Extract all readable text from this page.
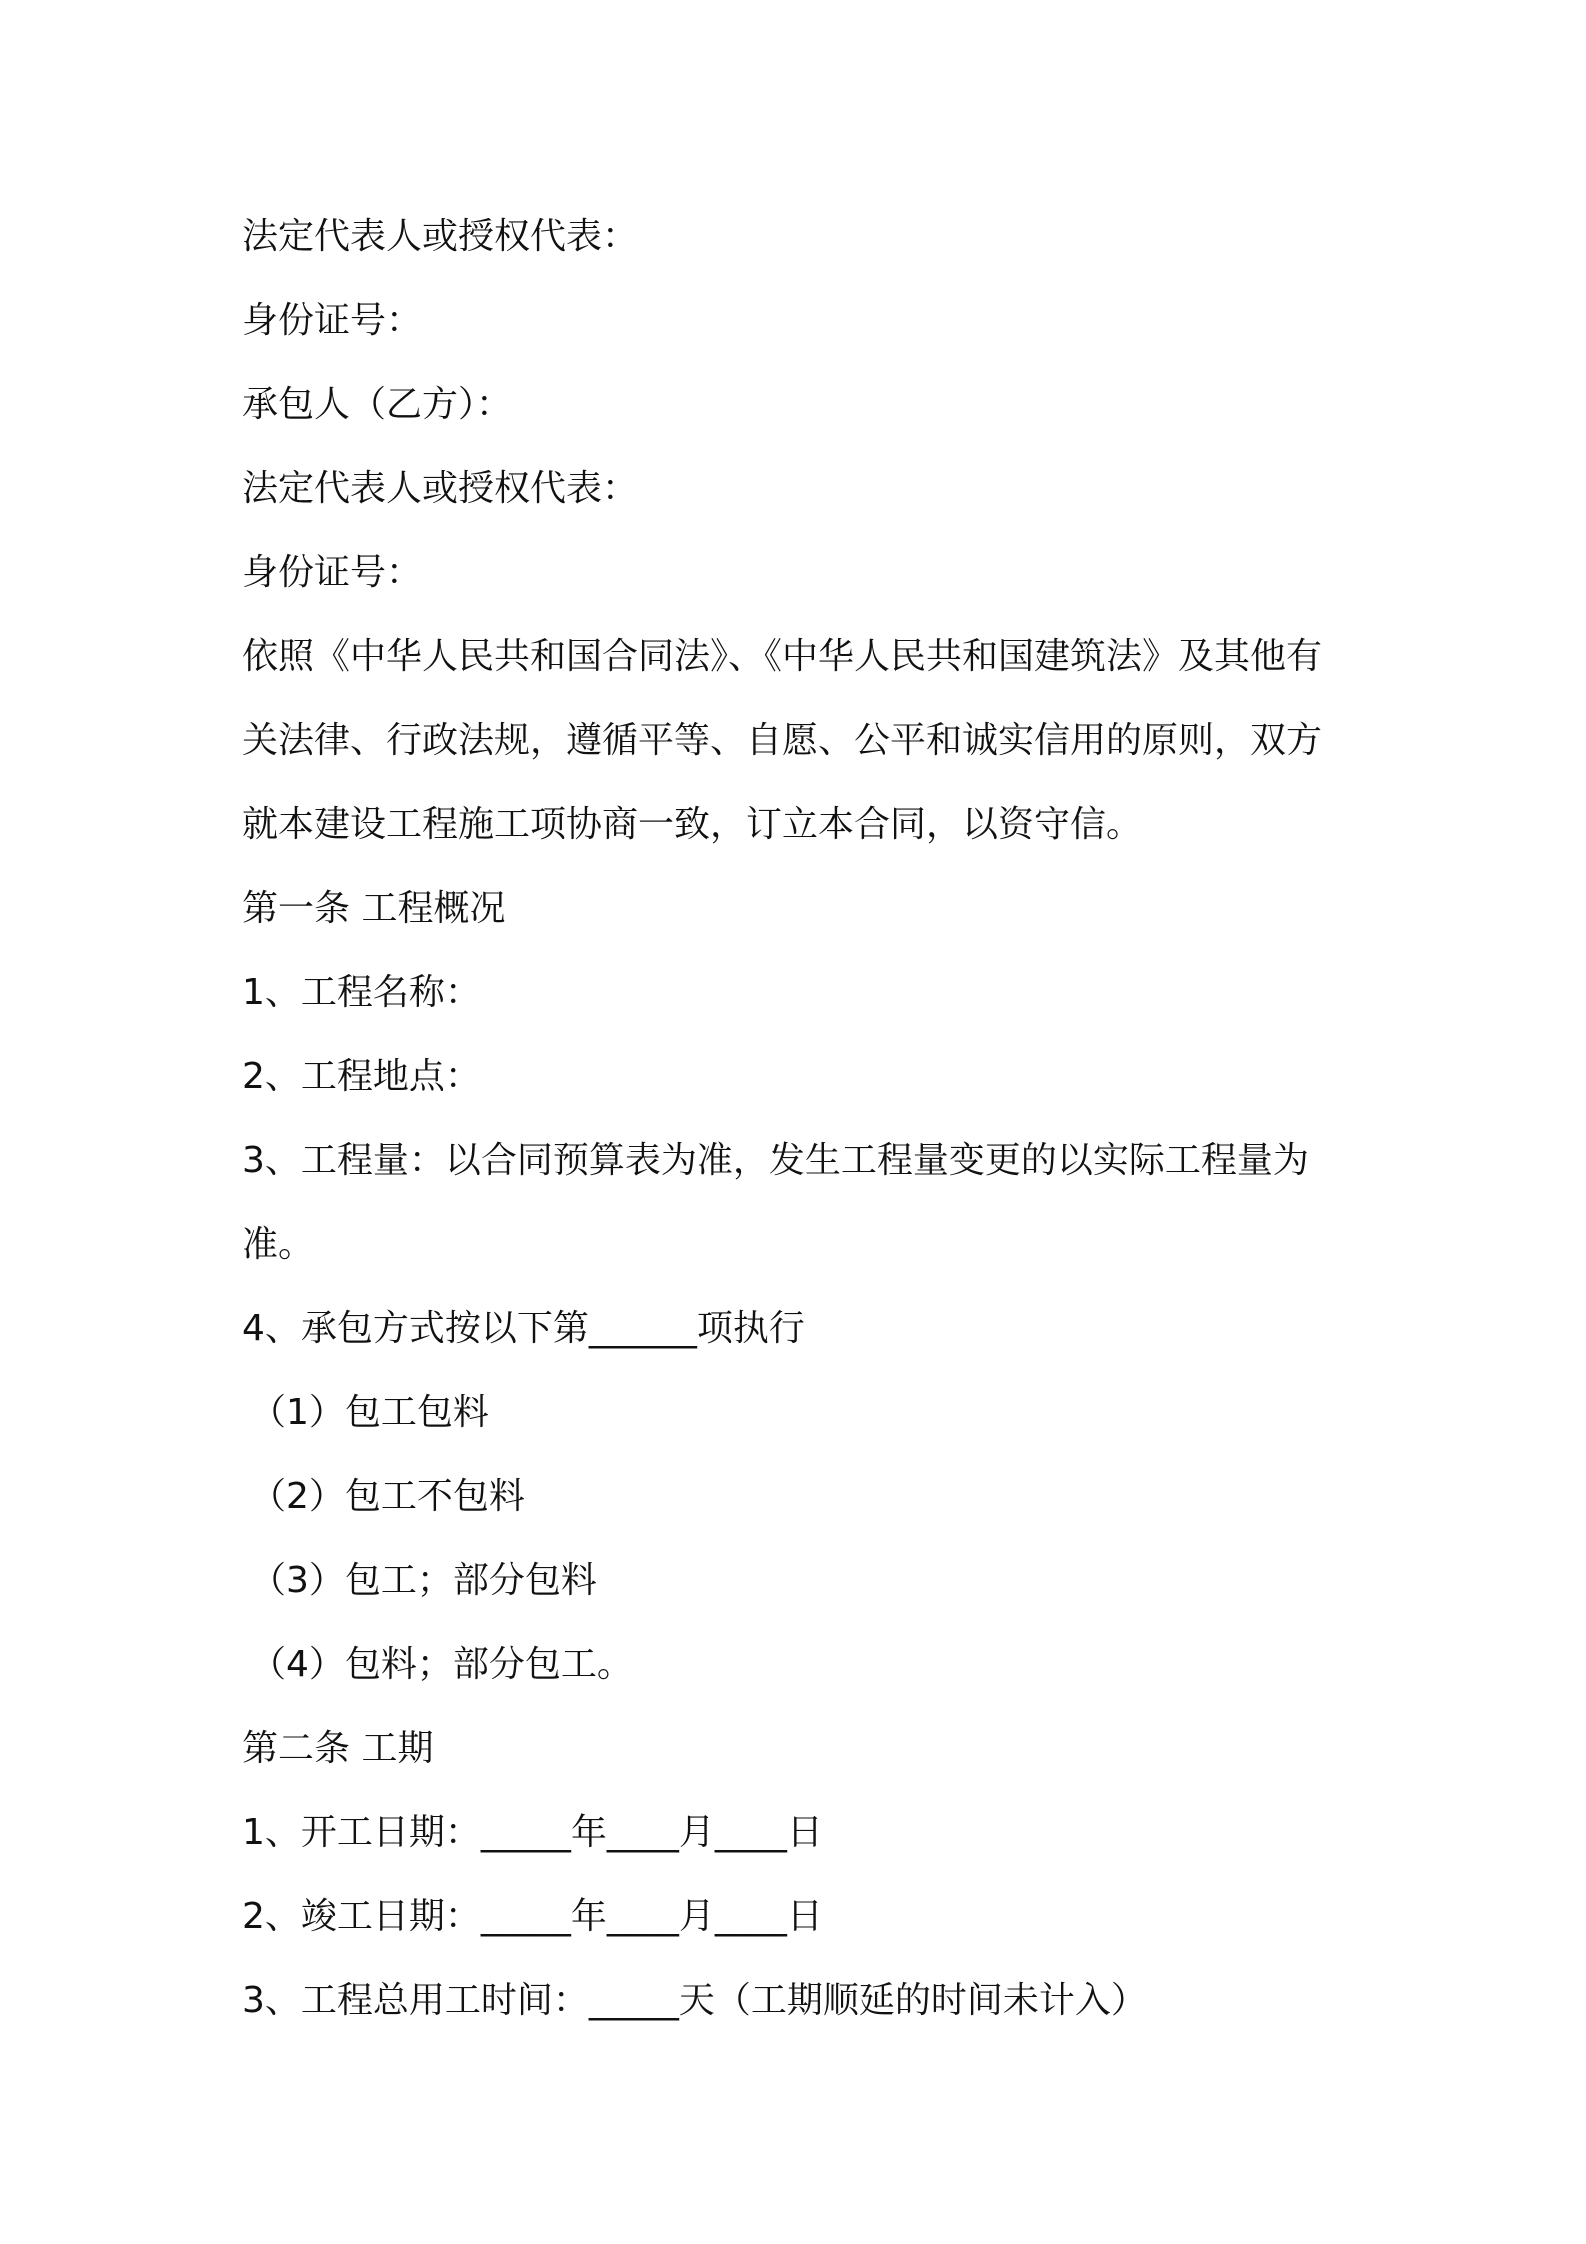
法定代表人或授权代表：
身份证号：
承包人（乙方）：
法定代表人或授权代表：
身份证号：
依照《中华人民共和国合同法》、《中华人民共和国建筑法》及其他有
关法律、行政法规，遵循平等、自愿、公平和诚实信用的原则，双方
就本建设工程施工项协商一致，订立本合同，以资守信。
第一条 工程概况
1、工程名称：
2、工程地点：
3、工程量：以合同预算表为准，发生工程量变更的以实际工程量为
准。
4、承包方式按以下第______项执行
（1）包工包料
（2）包工不包料
（3）包工；部分包料
（4）包料；部分包工。
第二条 工期
1、开工日期：_____年____月____日
2、竣工日期：_____年____月____日
3、工程总用工时间：_____天（工期顺延的时间未计入）
